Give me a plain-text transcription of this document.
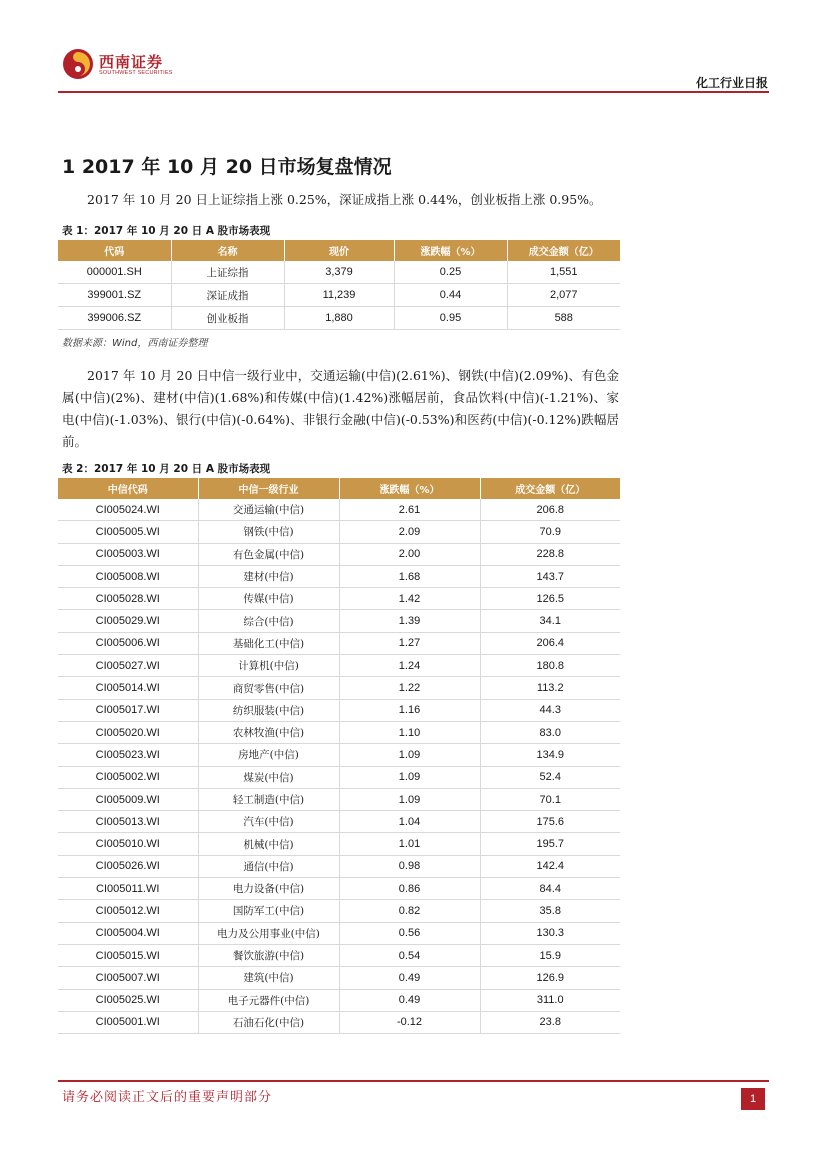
西南证券
SOUTHWEST SECURITIES
化工行业日报
1 2017 年 10 月 20 日市场复盘情况
2017 年 10 月 20 日上证综指上涨 0.25%，深证成指上涨 0.44%，创业板指上涨 0.95%。
表 1：2017 年 10 月 20 日 A 股市场表现
代码	名称	现价	涨跌幅（%）	成交金额（亿）
000001.SH	上证综指	3,379	0.25	1,551
399001.SZ	深证成指	11,239	0.44	2,077
399006.SZ	创业板指	1,880	0.95	588
数据来源：Wind，西南证券整理
2017 年 10 月 20 日中信一级行业中，交通运输(中信)(2.61%)、钢铁(中信)(2.09%)、有色金属(中信)(2%)、建材(中信)(1.68%)和传媒(中信)(1.42%)涨幅居前，食品饮料(中信)(-1.21%)、家电(中信)(-1.03%)、银行(中信)(-0.64%)、非银行金融(中信)(-0.53%)和医药(中信)(-0.12%)跌幅居前。
表 2：2017 年 10 月 20 日 A 股市场表现
中信代码	中信一级行业	涨跌幅（%）	成交金额（亿）
CI005024.WI	交通运输(中信)	2.61	206.8
CI005005.WI	钢铁(中信)	2.09	70.9
CI005003.WI	有色金属(中信)	2.00	228.8
CI005008.WI	建材(中信)	1.68	143.7
CI005028.WI	传媒(中信)	1.42	126.5
CI005029.WI	综合(中信)	1.39	34.1
CI005006.WI	基础化工(中信)	1.27	206.4
CI005027.WI	计算机(中信)	1.24	180.8
CI005014.WI	商贸零售(中信)	1.22	113.2
CI005017.WI	纺织服装(中信)	1.16	44.3
CI005020.WI	农林牧渔(中信)	1.10	83.0
CI005023.WI	房地产(中信)	1.09	134.9
CI005002.WI	煤炭(中信)	1.09	52.4
CI005009.WI	轻工制造(中信)	1.09	70.1
CI005013.WI	汽车(中信)	1.04	175.6
CI005010.WI	机械(中信)	1.01	195.7
CI005026.WI	通信(中信)	0.98	142.4
CI005011.WI	电力设备(中信)	0.86	84.4
CI005012.WI	国防军工(中信)	0.82	35.8
CI005004.WI	电力及公用事业(中信)	0.56	130.3
CI005015.WI	餐饮旅游(中信)	0.54	15.9
CI005007.WI	建筑(中信)	0.49	126.9
CI005025.WI	电子元器件(中信)	0.49	311.0
CI005001.WI	石油石化(中信)	-0.12	23.8
请务必阅读正文后的重要声明部分	1
